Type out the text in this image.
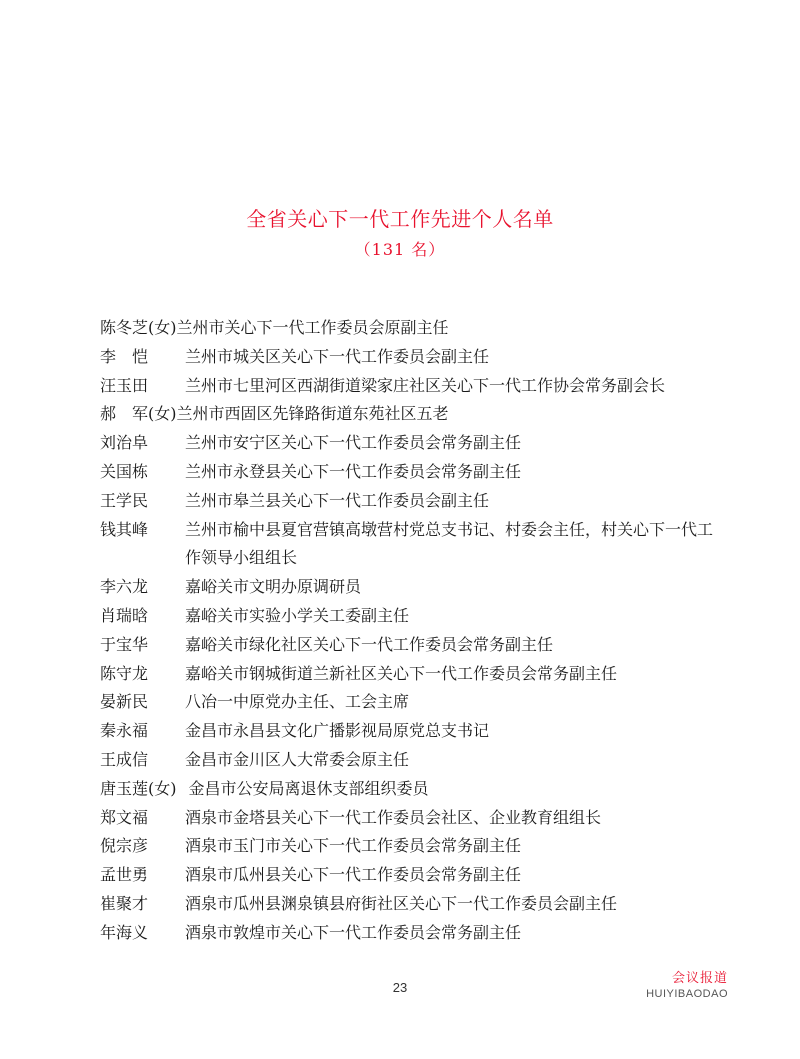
全省关心下一代工作先进个人名单
（131 名）
陈冬芝(女) 兰州市关心下一代工作委员会原副主任
李　恺	兰州市城关区关心下一代工作委员会副主任
汪玉田	兰州市七里河区西湖街道梁家庄社区关心下一代工作协会常务副会长
郝　军(女) 兰州市西固区先锋路街道东苑社区五老
刘治阜	兰州市安宁区关心下一代工作委员会常务副主任
关国栋	兰州市永登县关心下一代工作委员会常务副主任
王学民	兰州市皋兰县关心下一代工作委员会副主任
钱其峰	兰州市榆中县夏官营镇高墩营村党总支书记、村委会主任，村关心下一代工作领导小组组长
李六龙	嘉峪关市文明办原调研员
肖瑞晗	嘉峪关市实验小学关工委副主任
于宝华	嘉峪关市绿化社区关心下一代工作委员会常务副主任
陈守龙	嘉峪关市钢城街道兰新社区关心下一代工作委员会常务副主任
晏新民	八冶一中原党办主任、工会主席
秦永福	金昌市永昌县文化广播影视局原党总支书记
王成信	金昌市金川区人大常委会原主任
唐玉莲(女) 金昌市公安局离退休支部组织委员
郑文福	酒泉市金塔县关心下一代工作委员会社区、企业教育组组长
倪宗彦	酒泉市玉门市关心下一代工作委员会常务副主任
孟世勇	酒泉市瓜州县关心下一代工作委员会常务副主任
崔聚才	酒泉市瓜州县渊泉镇县府街社区关心下一代工作委员会副主任
年海义	酒泉市敦煌市关心下一代工作委员会常务副主任
23
会议报道
HUIYIBAODAO
